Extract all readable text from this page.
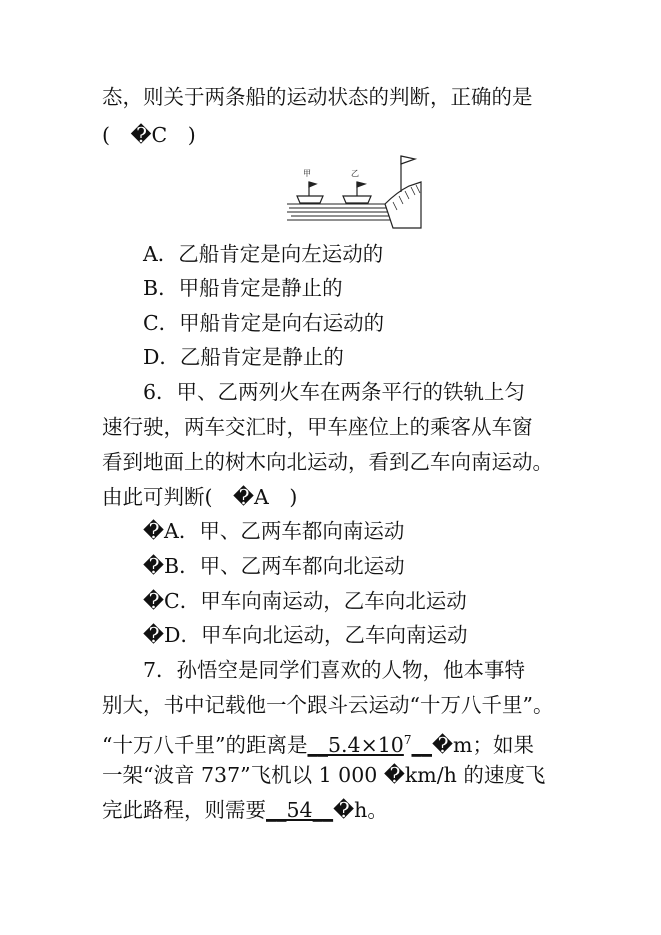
态，则关于两条船的运动状态的判断，正确的是
(　�C　)
甲	乙
A．乙船肯定是向左运动的
B．甲船肯定是静止的
C．甲船肯定是向右运动的
D．乙船肯定是静止的
6．甲、乙两列火车在两条平行的铁轨上匀
速行驶，两车交汇时，甲车座位上的乘客从车窗
看到地面上的树木向北运动，看到乙车向南运动。
由此可判断(　�A　)
�A．甲、乙两车都向南运动
�B．甲、乙两车都向北运动
�C．甲车向南运动，乙车向北运动
�D．甲车向北运动，乙车向南运动
7．孙悟空是同学们喜欢的人物，他本事特
别大，书中记载他一个跟斗云运动“十万八千里”。
“十万八千里”的距离是$\_\_5.4\times 10^7\_\_�m$；如果
一架“波音 737”飞机以 1 000 �km/h 的速度飞
完此路程，则需要__54__�h。
